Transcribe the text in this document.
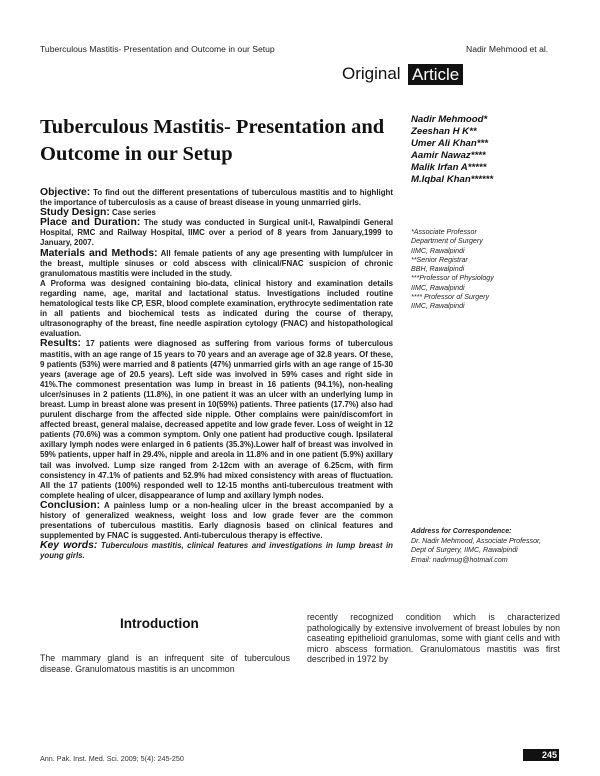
Tuberculous Mastitis- Presentation and Outcome in our Setup	Nadir Mehmood et al.
Original Article
Tuberculous Mastitis- Presentation and Outcome in our Setup
Nadir Mehmood*
Zeeshan H K**
Umer Ali Khan***
Aamir Nawaz****
Malik Irfan A*****
M.Iqbal Khan******
*Associate Professor
Department of Surgery
IIMC, Rawalpindi
**Senior Registrar
BBH, Rawalpindi
***Professor of Physiology
IIMC, Rawalpindi
**** Professor of Surgery
IIMC, Rawalpindi

Objective: To find out the different presentations of tuberculous mastitis and to highlight the importance of tuberculosis as a cause of breast disease in young unmarried girls.

Study Design: Case series

Place and Duration: The study was conducted in Surgical unit-I, Rawalpindi General Hospital, RMC and Railway Hospital, IIMC over a period of 8 years from January,1999 to January, 2007.

Materials and Methods: All female patients of any age presenting with lump/ulcer in the breast, multiple sinuses or cold abscess with clinical/FNAC suspicion of chronic granulomatous mastitis were included in the study.

A Proforma was designed containing bio-data, clinical history and examination details regarding name, age, marital and lactational status. Investigations included routine hematological tests like CP, ESR, blood complete examination, erythrocyte sedimentation rate in all patients and biochemical tests as indicated during the course of therapy, ultrasonography of the breast, fine needle aspiration cytology (FNAC) and histopathological evaluation.

Results: 17 patients were diagnosed as suffering from various forms of tuberculous mastitis, with an age range of 15 years to 70 years and an average age of 32.8 years. Of these, 9 patients (53%) were married and 8 patients (47%) unmarried girls with an age range of 15-30 years (average age of 20.5 years). Left side was involved in 59% cases and right side in 41%.The commonest presentation was lump in breast in 16 patients (94.1%), non-healing ulcer/sinuses in 2 patients (11.8%), in one patient it was an ulcer with an underlying lump in breast. Lump in breast alone was present in 10(59%) patients. Three patients (17.7%) also had purulent discharge from the affected side nipple. Other complains were pain/discomfort in affected breast, general malaise, decreased appetite and low grade fever. Loss of weight in 12 patients (70.6%) was a common symptom. Only one patient had productive cough. Ipsilateral axillary lymph nodes were enlarged in 6 patients (35.3%).Lower half of breast was involved in 59% patients, upper half in 29.4%, nipple and areola in 11.8% and in one patient (5.9%) axillary tail was involved. Lump size ranged from 2-12cm with an average of 6.25cm, with firm consistency in 47.1% of patients and 52.9% had mixed consistency with areas of fluctuation. All the 17 patients (100%) responded well to 12-15 months anti-tuberculous treatment with complete healing of ulcer, disappearance of lump and axillary lymph nodes.

Conclusion: A painless lump or a non-healing ulcer in the breast accompanied by a history of generalized weakness, weight loss and low grade fever are the common presentations of tuberculous mastitis. Early diagnosis based on clinical features and supplemented by FNAC is suggested. Anti-tuberculous therapy is effective.

Key words: Tuberculous mastitis, clinical features and investigations in lump breast in young girls.

Address for Correspondence:
Dr. Nadir Mehmood, Associate Professor,
Dept of Surgery, IIMC, Rawalpindi
Email: nadirmug@hotmail.com
Introduction
The mammary gland is an infrequent site of tuberculous disease. Granulomatous mastitis is an uncommon
recently recognized condition which is characterized pathologically by extensive involvement of breast lobules by non caseating epithelioid granulomas, some with giant cells and with micro abscess formation. Granulomatous mastitis was first described in 1972 by
Ann. Pak. Inst. Med. Sci. 2009; 5(4): 245-250	245
